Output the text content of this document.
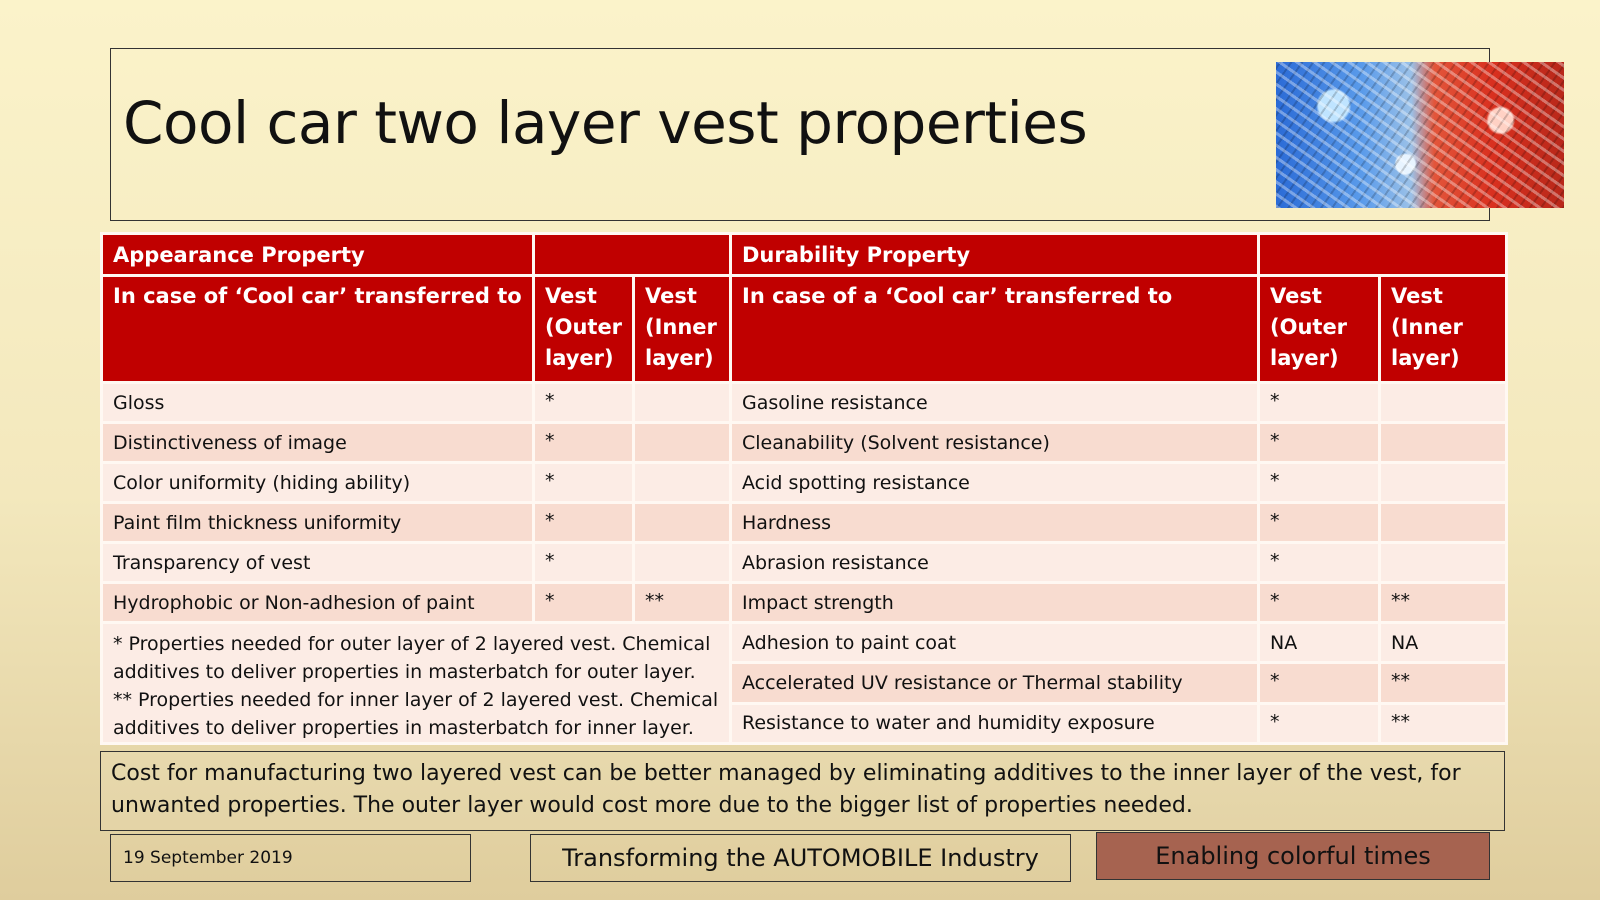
Cool car two layer vest properties
Appearance Property			Durability Property		
In case of ‘Cool car’ transferred to	Vest (Outer layer)	Vest (Inner layer)	In case of a ‘Cool car’ transferred to	Vest (Outer layer)	Vest (Inner layer)
Gloss	*		Gasoline resistance	*	
Distinctiveness of image	*		Cleanability (Solvent resistance)	*	
Color uniformity (hiding ability)	*		Acid spotting resistance	*	
Paint film thickness uniformity	*		Hardness	*	
Transparency of vest	*		Abrasion resistance	*	
Hydrophobic or Non-adhesion of paint	*	**	Impact strength	*	**

* Properties needed for outer layer of 2 layered vest. Chemical additives to deliver properties in masterbatch for outer layer.
** Properties needed for inner layer of 2 layered vest. Chemical additives to deliver properties in masterbatch for inner layer.			Adhesion to paint coat	NA	NA
			Accelerated UV resistance or Thermal stability	*	**
			Resistance to water and humidity exposure	*	**
Cost for manufacturing two layered vest can be better managed by eliminating additives to the inner layer of the vest, for unwanted properties. The outer layer would cost more due to the bigger list of properties needed.
19 September 2019	Transforming the AUTOMOBILE Industry	Enabling colorful times
